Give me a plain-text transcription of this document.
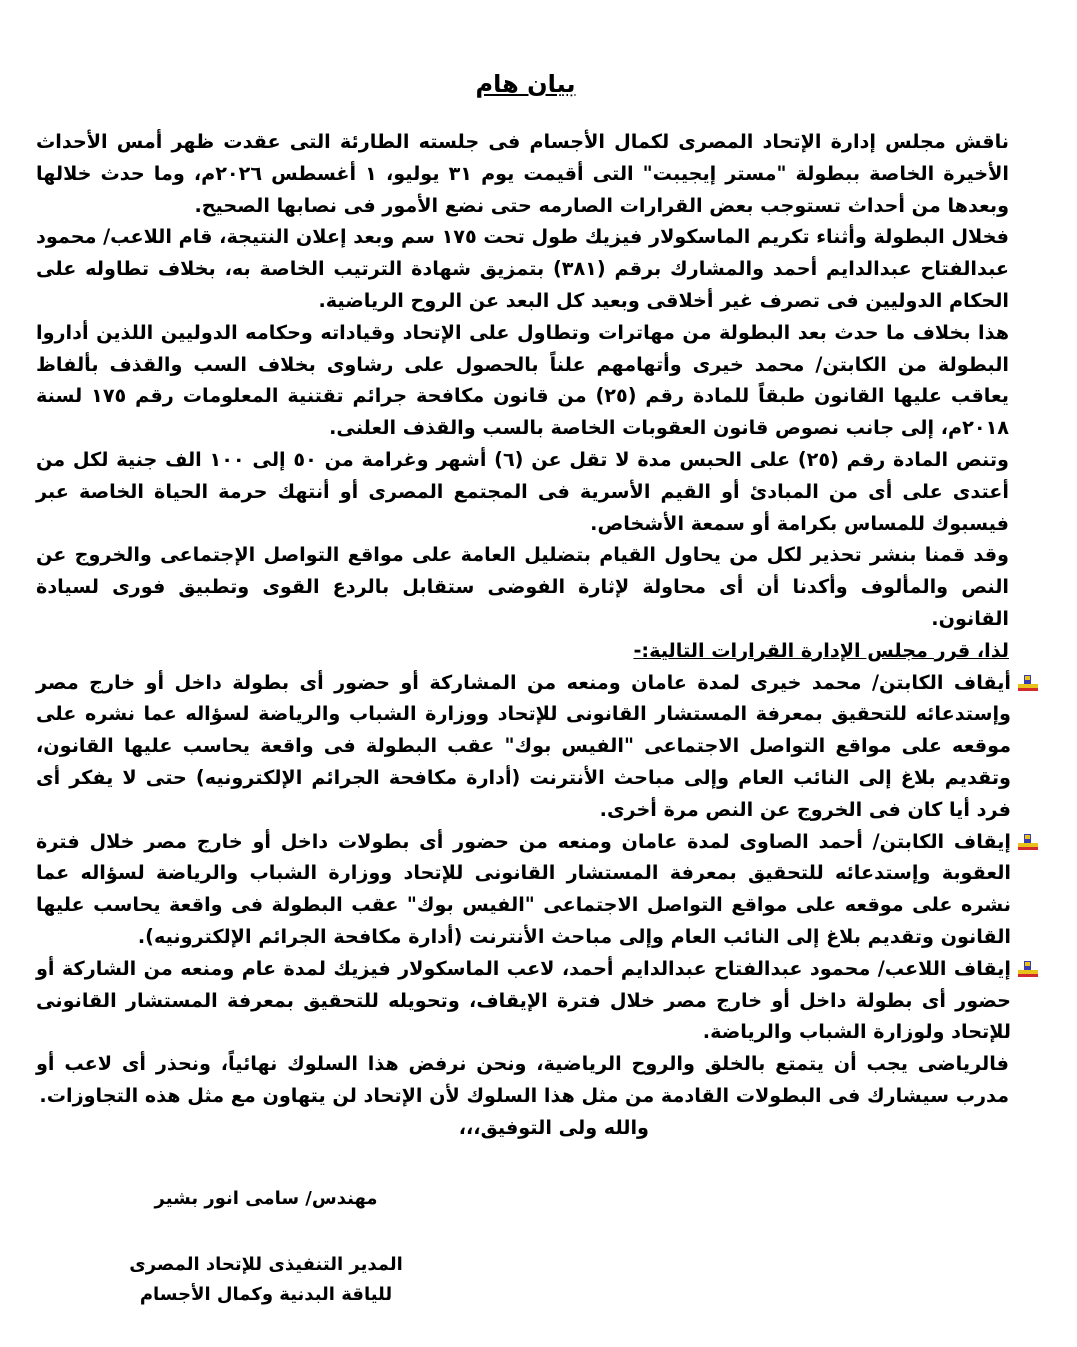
بيان هام

ناقش مجلس إدارة الإتحاد المصرى لكمال الأجسام فى جلسته الطارئة التى عقدت ظهر أمس الأحداث الأخيرة الخاصة ببطولة "مستر إيجيبت" التى أقيمت يوم ٣١ يوليو، ١ أغسطس ٢٠٢٦م، وما حدث خلالها وبعدها من أحداث تستوجب بعض القرارات الصارمه حتى نضع الأمور فى نصابها الصحيح.

فخلال البطولة وأثناء تكريم الماسكولار فيزيك طول تحت ١٧٥ سم وبعد إعلان النتيجة، قام اللاعب/ محمود عبدالفتاح عبدالدايم أحمد والمشارك برقم (٣٨١) بتمزيق شهادة الترتيب الخاصة به، بخلاف تطاوله على الحكام الدوليين فى تصرف غير أخلاقى وبعيد كل البعد عن الروح الرياضية.

هذا بخلاف ما حدث بعد البطولة من مهاترات وتطاول على الإتحاد وقياداته وحكامه الدوليين اللذين أداروا البطولة من الكابتن/ محمد خيرى وأتهامهم علناً بالحصول على رشاوى بخلاف السب والقذف بألفاظ يعاقب عليها القانون طبقاً للمادة رقم (٢٥) من قانون مكافحة جرائم تقتنية المعلومات رقم ١٧٥ لسنة ٢٠١٨م، إلى جانب نصوص قانون العقوبات الخاصة بالسب والقذف العلنى.

وتنص المادة رقم (٢٥) على الحبس مدة لا تقل عن (٦) أشهر وغرامة من ٥٠ إلى ١٠٠ الف جنية لكل من أعتدى على أى من المبادئ أو القيم الأسرية فى المجتمع المصرى أو أنتهك حرمة الحياة الخاصة عبر فيسبوك للمساس بكرامة أو سمعة الأشخاص.

وقد قمنا بنشر تحذير لكل من يحاول القيام بتضليل العامة على مواقع التواصل الإجتماعى والخروج عن النص والمألوف وأكدنا أن أى محاولة لإثارة الفوضى ستقابل بالردع القوى وتطبيق فورى لسيادة القانون.

لذا، قرر مجلس الإدارة القرارات التالية:-

أيقاف الكابتن/ محمد خيرى لمدة عامان ومنعه من المشاركة أو حضور أى بطولة داخل أو خارج مصر وإستدعائه للتحقيق بمعرفة المستشار القانونى للإتحاد ووزارة الشباب والرياضة لسؤاله عما نشره على موقعه على مواقع التواصل الاجتماعى "الفيس بوك" عقب البطولة فى واقعة يحاسب عليها القانون، وتقديم بلاغ إلى النائب العام وإلى مباحث الأنترنت (أدارة مكافحة الجرائم الإلكترونيه) حتى لا يفكر أى فرد أيا كان فى الخروج عن النص مرة أخرى.
إيقاف الكابتن/ أحمد الصاوى لمدة عامان ومنعه من حضور أى بطولات داخل أو خارج مصر خلال فترة العقوبة وإستدعائه للتحقيق بمعرفة المستشار القانونى للإتحاد ووزارة الشباب والرياضة لسؤاله عما نشره على موقعه على مواقع التواصل الاجتماعى "الفيس بوك" عقب البطولة فى واقعة يحاسب عليها القانون وتقديم بلاغ إلى النائب العام وإلى مباحث الأنترنت (أدارة مكافحة الجرائم الإلكترونيه).
إيقاف اللاعب/ محمود عبدالفتاح عبدالدايم أحمد، لاعب الماسكولار فيزيك لمدة عام ومنعه من الشاركة أو حضور أى بطولة داخل أو خارج مصر خلال فترة الإيقاف، وتحويله للتحقيق بمعرفة المستشار القانونى للإتحاد ولوزارة الشباب والرياضة.

فالرياضى يجب أن يتمتع بالخلق والروح الرياضية، ونحن نرفض هذا السلوك نهائياً، ونحذر أى لاعب أو مدرب سيشارك فى البطولات القادمة من مثل هذا السلوك لأن الإتحاد لن يتهاون مع مثل هذه التجاوزات.

والله ولى التوفيق،،،

مهندس/ سامى انور بشير
المدير التنفيذى للإتحاد المصرى
للياقة البدنية وكمال الأجسام
